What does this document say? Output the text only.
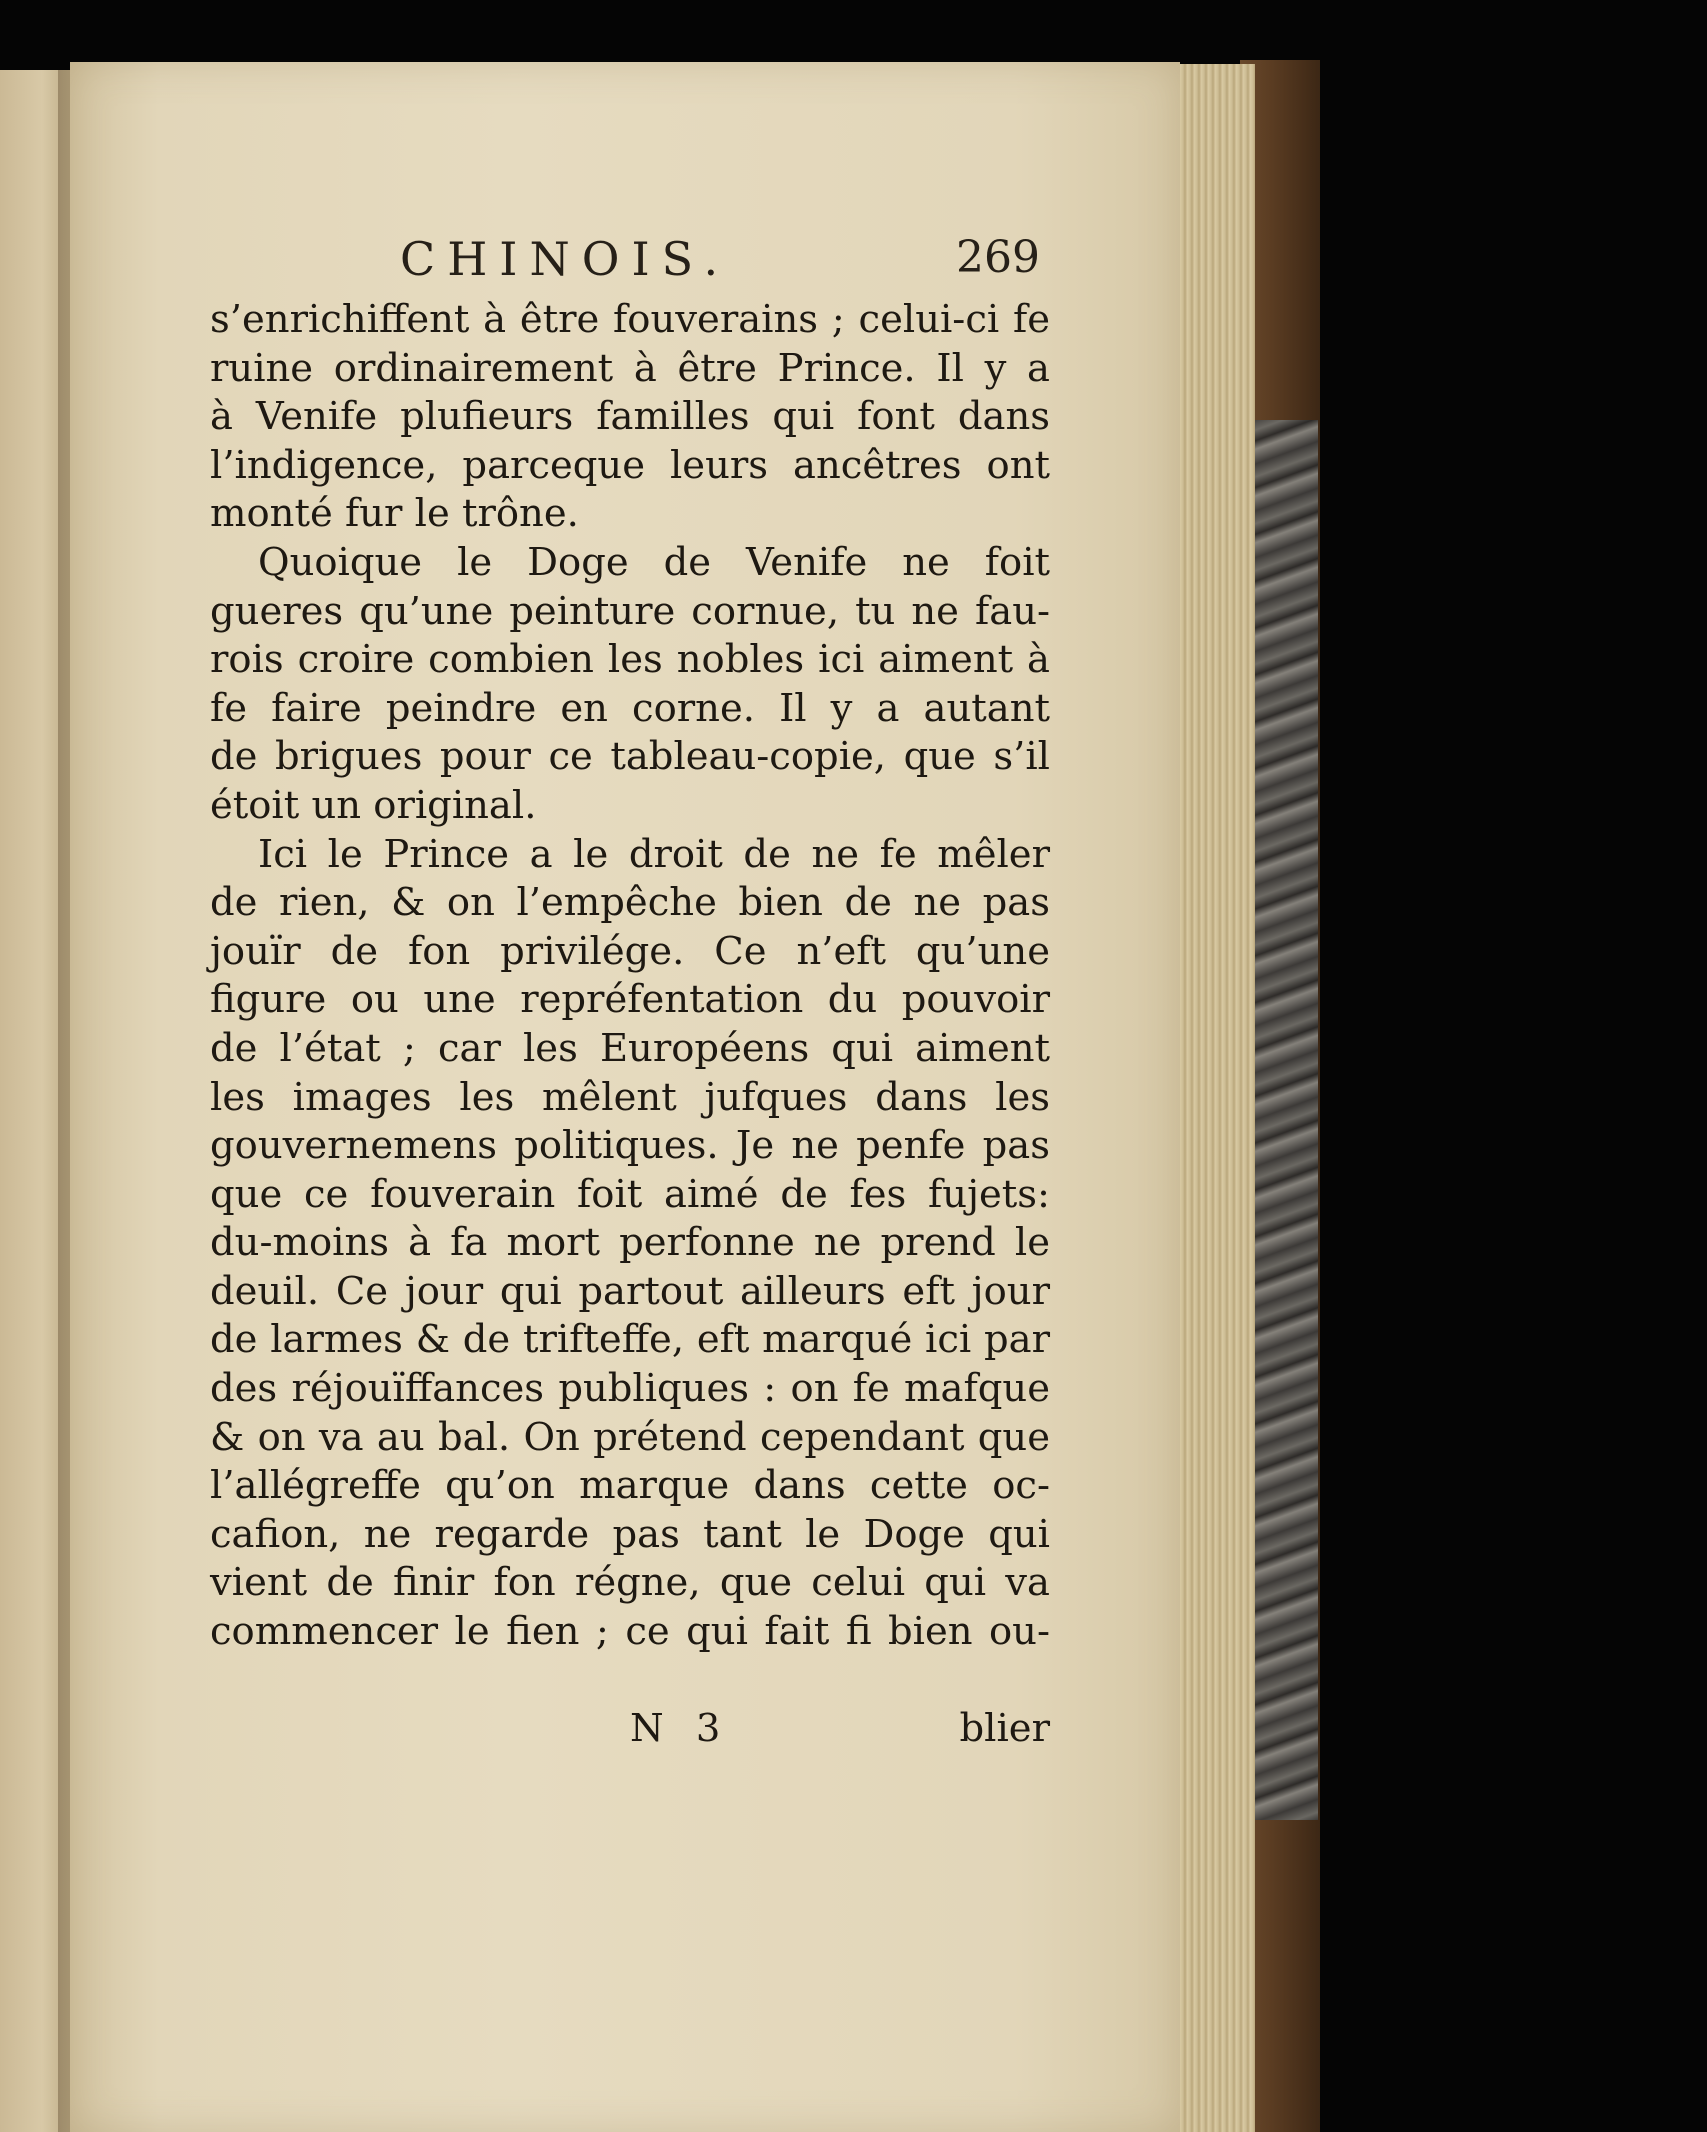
CHINOIS.	269
s’enrichiffent à être fouverains ; celui-ci fe
ruine ordinairement à être Prince. Il y a
à Venife plufieurs familles qui font dans
l’indigence, parceque leurs ancêtres ont
monté fur le trône.
Quoique le Doge de Venife ne foit
gueres qu’une peinture cornue, tu ne fau-
rois croire combien les nobles ici aiment à
fe faire peindre en corne. Il y a autant
de brigues pour ce tableau-copie, que s’il
étoit un original.
Ici le Prince a le droit de ne fe mêler
de rien, & on l’empêche bien de ne pas
jouïr de fon privilége. Ce n’eft qu’une
figure ou une repréfentation du pouvoir
de l’état ; car les Européens qui aiment
les images les mêlent jufques dans les
gouvernemens politiques. Je ne penfe pas
que ce fouverain foit aimé de fes fujets:
du-moins à fa mort perfonne ne prend le
deuil. Ce jour qui partout ailleurs eft jour
de larmes & de trifteffe, eft marqué ici par
des réjouïffances publiques : on fe mafque
& on va au bal. On prétend cependant que
l’allégreffe qu’on marque dans cette oc-
cafion, ne regarde pas tant le Doge qui
vient de finir fon régne, que celui qui va
commencer le fien ; ce qui fait fi bien ou-
N 3	blier
